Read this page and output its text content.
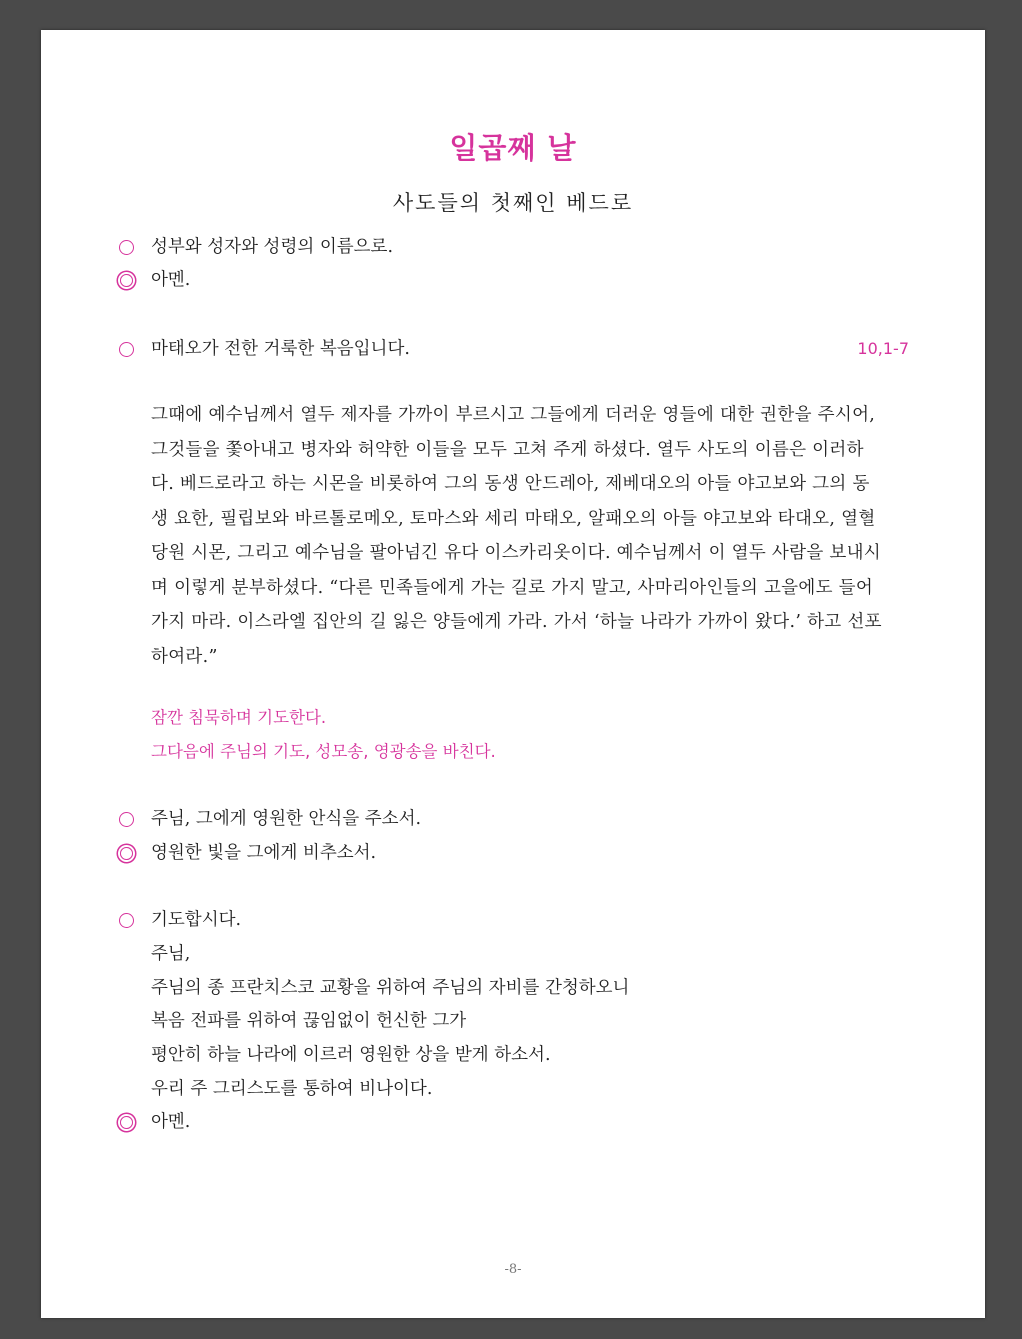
일곱째 날
사도들의 첫째인 베드로
성부와 성자와 성령의 이름으로.
아멘.
마태오가 전한 거룩한 복음입니다.	10,1-7
그때에 예수님께서 열두 제자를 가까이 부르시고 그들에게 더러운 영들에 대한 권한을 주시어,
그것들을 쫓아내고 병자와 허약한 이들을 모두 고쳐 주게 하셨다. 열두 사도의 이름은 이러하
다. 베드로라고 하는 시몬을 비롯하여 그의 동생 안드레아, 제베대오의 아들 야고보와 그의 동
생 요한, 필립보와 바르톨로메오, 토마스와 세리 마태오, 알패오의 아들 야고보와 타대오, 열혈
당원 시몬, 그리고 예수님을 팔아넘긴 유다 이스카리옷이다. 예수님께서 이 열두 사람을 보내시
며 이렇게 분부하셨다. “다른 민족들에게 가는 길로 가지 말고, 사마리아인들의 고을에도 들어
가지 마라. 이스라엘 집안의 길 잃은 양들에게 가라. 가서 ‘하늘 나라가 가까이 왔다.’ 하고 선포
하여라.”
잠깐 침묵하며 기도한다.
그다음에 주님의 기도, 성모송, 영광송을 바친다.
주님, 그에게 영원한 안식을 주소서.
영원한 빛을 그에게 비추소서.
기도합시다.
주님,
주님의 종 프란치스코 교황을 위하여 주님의 자비를 간청하오니
복음 전파를 위하여 끊임없이 헌신한 그가
평안히 하늘 나라에 이르러 영원한 상을 받게 하소서.
우리 주 그리스도를 통하여 비나이다.
아멘.
-8-
